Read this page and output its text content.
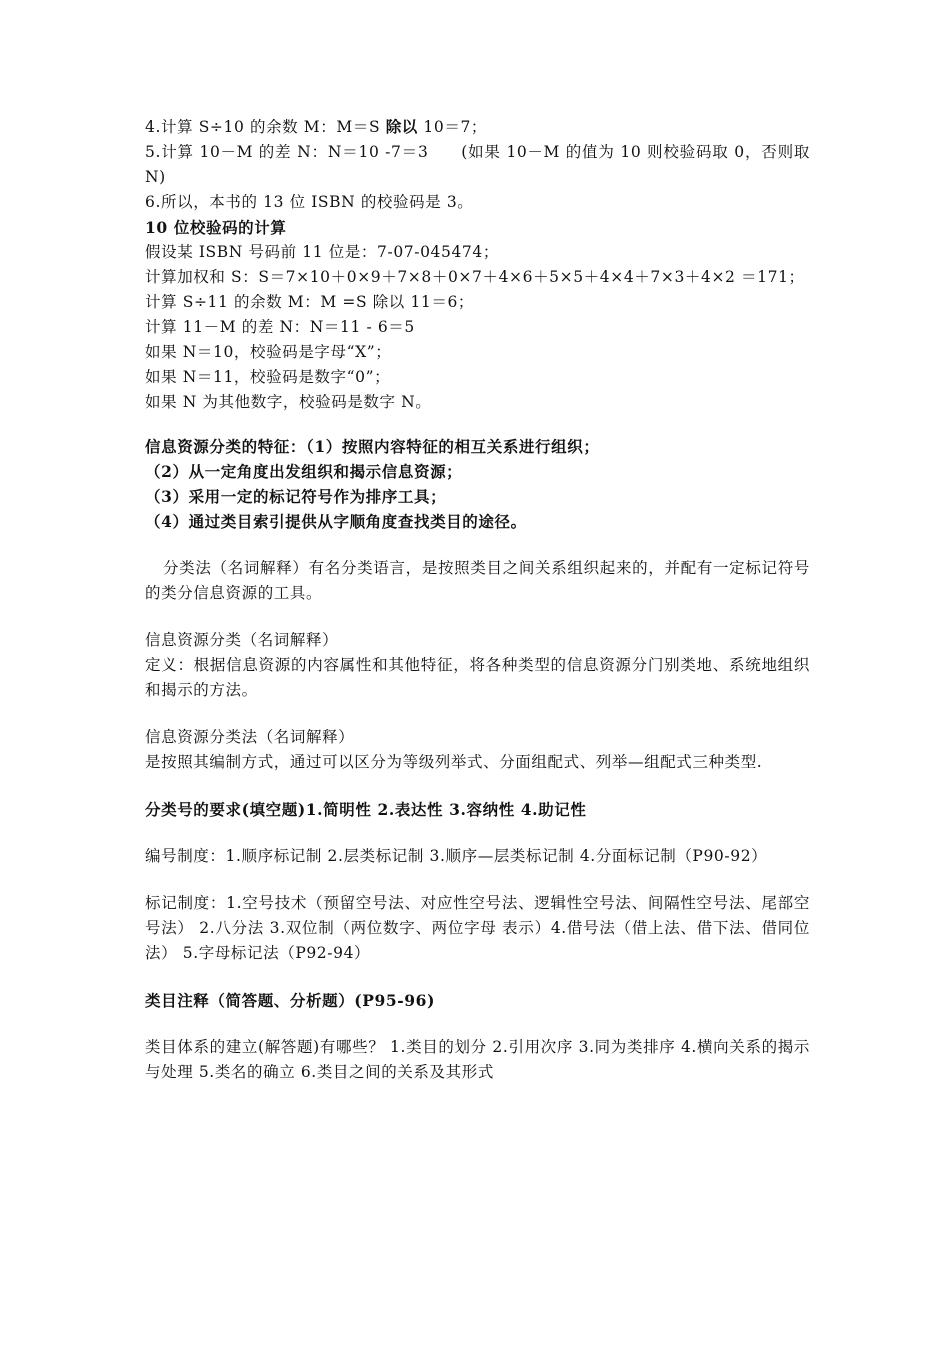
4.计算 S÷10 的余数 M：M＝S 除以 10＝7；

5.计算 10－M 的差 N：N＝10 -7＝3　　(如果 10－M 的值为 10 则校验码取 0，否则取 N)

6.所以，本书的 13 位 ISBN 的校验码是 3。

10 位校验码的计算

假设某 ISBN 号码前 11 位是：7-07-045474；

计算加权和 S：S＝7×10＋0×9＋7×8＋0×7＋4×6＋5×5＋4×4＋7×3＋4×2 ＝171；

计算 S÷11 的余数 M：M =S 除以 11＝6；

计算 11－M 的差 N：N＝11 - 6＝5

如果 N＝10，校验码是字母“X”；

如果 N＝11，校验码是数字“0”；

如果 N 为其他数字，校验码是数字 N。

信息资源分类的特征：（1）按照内容特征的相互关系进行组织；

（2）从一定角度出发组织和揭示信息资源；

（3）采用一定的标记符号作为排序工具；

（4）通过类目索引提供从字顺角度查找类目的途径。

分类法（名词解释）有名分类语言，是按照类目之间关系组织起来的，并配有一定标记符号的类分信息资源的工具。

信息资源分类（名词解释）

定义：根据信息资源的内容属性和其他特征，将各种类型的信息资源分门别类地、系统地组织和揭示的方法。

信息资源分类法（名词解释）

是按照其编制方式，通过可以区分为等级列举式、分面组配式、列举—组配式三种类型.

分类号的要求(填空题)1.简明性 2.表达性 3.容纳性 4.助记性

编号制度：1.顺序标记制 2.层类标记制 3.顺序—层类标记制 4.分面标记制（P90-92）

标记制度：1.空号技术（预留空号法、对应性空号法、逻辑性空号法、间隔性空号法、尾部空号法） 2.八分法 3.双位制（两位数字、两位字母 表示）4.借号法（借上法、借下法、借同位法） 5.字母标记法（P92-94）

类目注释（简答题、分析题）(P95-96)

类目体系的建立(解答题)有哪些？ 1.类目的划分 2.引用次序 3.同为类排序 4.横向关系的揭示与处理 5.类名的确立 6.类目之间的关系及其形式
